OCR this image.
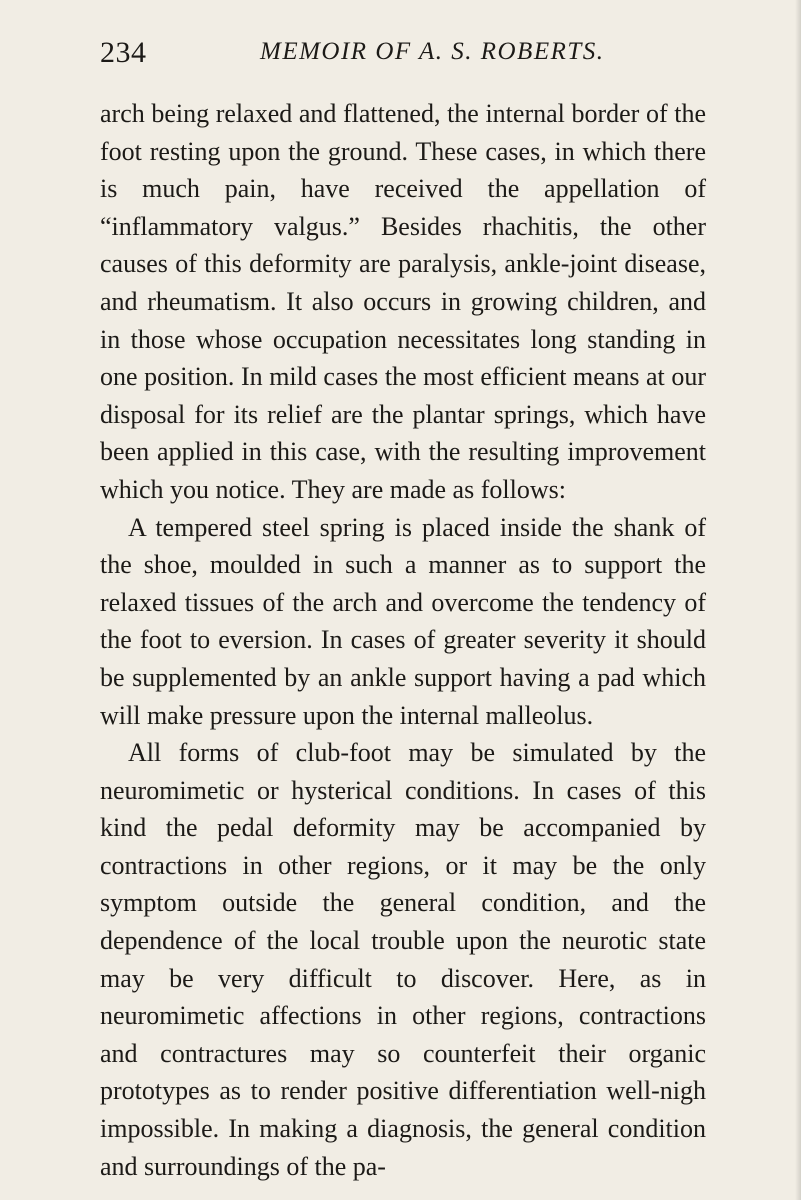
234	MEMOIR OF A. S. ROBERTS.

arch being relaxed and flattened, the internal border of the foot resting upon the ground. These cases, in which there is much pain, have received the appellation of “inflammatory valgus.” Besides rhachitis, the other causes of this deformity are paralysis, ankle-joint disease, and rheumatism. It also occurs in growing children, and in those whose occupation necessitates long standing in one position. In mild cases the most efficient means at our disposal for its relief are the plantar springs, which have been applied in this case, with the resulting improvement which you notice. They are made as follows:

A tempered steel spring is placed inside the shank of the shoe, moulded in such a manner as to support the relaxed tissues of the arch and overcome the tendency of the foot to eversion. In cases of greater severity it should be supplemented by an ankle support having a pad which will make pressure upon the internal malleolus.

All forms of club-foot may be simulated by the neuromimetic or hysterical conditions. In cases of this kind the pedal deformity may be accompanied by contractions in other regions, or it may be the only symptom outside the general condition, and the dependence of the local trouble upon the neurotic state may be very difficult to discover. Here, as in neuromimetic affections in other regions, contractions and contractures may so counterfeit their organic prototypes as to render positive differentiation well-nigh impossible. In making a diagnosis, the general condition and surroundings of the pa-
